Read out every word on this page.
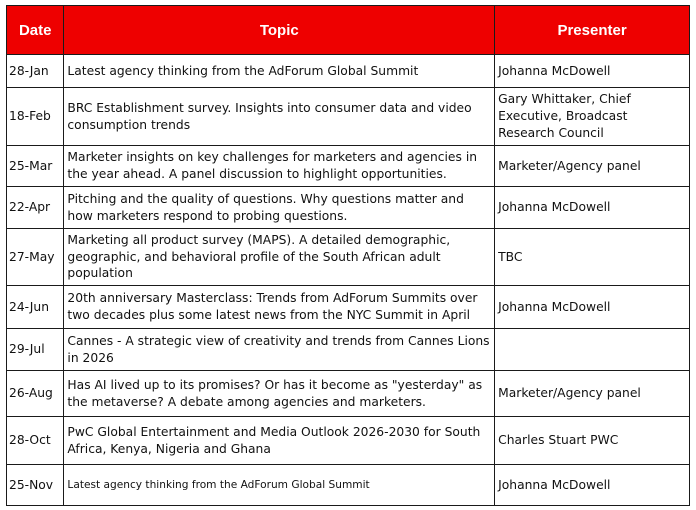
Date	Topic	Presenter
28-Jan	Latest agency thinking from the AdForum Global Summit	Johanna McDowell
18-Feb	BRC Establishment survey. Insights into consumer data and video consumption trends	Gary Whittaker, Chief Executive, Broadcast Research Council
25-Mar	Marketer insights on key challenges for marketers and agencies in the year ahead. A panel discussion to highlight opportunities.	Marketer/Agency panel
22-Apr	Pitching and the quality of questions. Why questions matter and how marketers respond to probing questions.	Johanna McDowell
27-May	Marketing all product survey (MAPS). A detailed demographic, geographic, and behavioral profile of the South African adult population	TBC
24-Jun	20th anniversary Masterclass: Trends from AdForum Summits over two decades plus some latest news from the NYC Summit in April	Johanna McDowell
29-Jul	Cannes - A strategic view of creativity and trends from Cannes Lions in 2026	
26-Aug	Has AI lived up to its promises? Or has it become as "yesterday" as the metaverse? A debate among agencies and marketers.	Marketer/Agency panel
28-Oct	PwC Global Entertainment and Media Outlook 2026-2030 for South Africa, Kenya, Nigeria and Ghana	Charles Stuart PWC
25-Nov	Latest agency thinking from the AdForum Global Summit	Johanna McDowell
